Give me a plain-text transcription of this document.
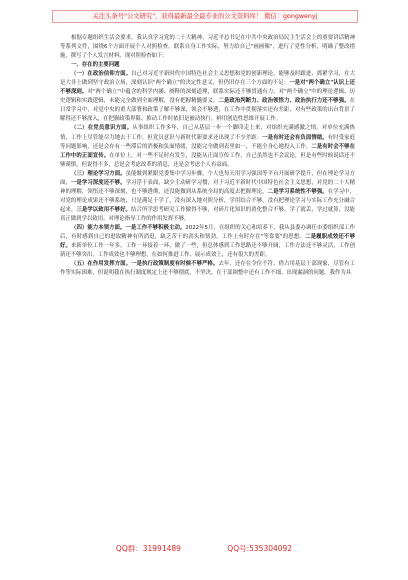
关注头条号"公文研究"，获得最新最全最专业的公文资料库！ 微信：gongwenyj

根据专题组织生活会要求，我认真学习党的二十大精神、习近平总书记在中共中央政治局民主生活会上的重要讲话精神等系列文件，围绕6个方面开展个人对照检查。联系自身工作实际，努力给自己"画画像"，进行了党性分析，明确了整改措施，撰写了个人发言材料，现对照检查如下：

一、存在的主要问题

（一）在政治信仰方面。自己对习近平新时代中国特色社会主义思想和党的创新理论，能够及时跟进、抓紧学习，在大是大非上做到坚守政治立场，深刻认识"两个确立"的决定性意义，但仍旧存在三个方面的不足：一是对"两个确立"认识上还不够深刻。对"两个确立"中蕴含的科学内涵、阐释的深刻道理，联系实际还不够贯通有力，对"两个确立"中的理论逻辑、历史逻辑和实践逻辑，未能完全做到全面理解，没有把握精髓要义。二是政治判断力、政治领悟力、政治执行力还不够强。在日常学习中，对党中央的重大部署和政策了解不够深，领会不够透，在工作中贯彻落实还有差距，对有些政策的出台背景了解得还不够深入，在把握政策界限、推动工作时依旧是被动执行，鲜用创造性思维开展工作。

（二）在党员意识方面。从事组织工作多年，自己从基层一步一个脚印走上来，对组织充满感激之情，对单位充满热情，工作上尽管能尽力地去干工作，但党员意识与新时代新要求还出现了不少差距：一是有时还会有负面情绪。有时受家庭等问题影响，还是会存有一些滞后的消极和负面情绪，没能完全做到表里如一，不能全身心地投入工作。二是有时会不够在工作中的正面宣传。在单位上，对一些不足时有发生，没能从正面宣传工作，自己虽然也不会议论，但是有些时候说话还不够谨慎，但说得不多，总是会考虑改革的消息，还是会考虑个人有益面。

（三）理论学习方面。虽能做到紧跟党委集中学习步骤，个人也每天用学习强国等平台开展研学提升，但在理论学习方面，一是学习深度还不够。学习浮于表面，缺少主动研学习惯，对于习近平新时代中国特色社会主义思想，对党的二十大精神的理解，领悟还不够深刻，也不够透彻，还没能做到从系统全局的高度去把握理论，二是学习系统性不够强。在学习中，对党的理论成果还不够系统，只是满足于学了，没有深入地对照分析，学用结合不够，没有把理论学习与实际工作充分融合起来。三是学以致用不够好。结合所学思考研究工作做得不够，对碎片化知识的消化整合不够，学了就丢，学过就算，没能真正做到学以致用，对理论指导工作的作用发挥不够。

（四）能力本领方面。一是工作不够积极主动。2022年5月，在组织的关心和培养下，我从县委办调任市委组织部工作后，有时感到自己的进取精神有所消退，缺乏苦干的劲头和韧劲，工作上有时存在"等靠要"的思想。二是履职成效还不够好。来新单位工作一年多，工作一环接着一环，做了一些，但总体感到工作思路还不够开阔，工作方法还不够灵活，工作创新还不够突出，工作成效也不够理想，在如何推进工作、展示成效上，还有很大的差距。

（五）在作用发挥方面。一是执行政策制度有时候不够严格。去年，还存在令位不符、借占用基层干部现象，尽管有工作等实际困难，但说明我在执行制度规定上还不够彻底，不坚决，在干部调整中还有工作不细、出现漏洞的问题。我作为具

QQ群：31991489	QQ号:535304092
